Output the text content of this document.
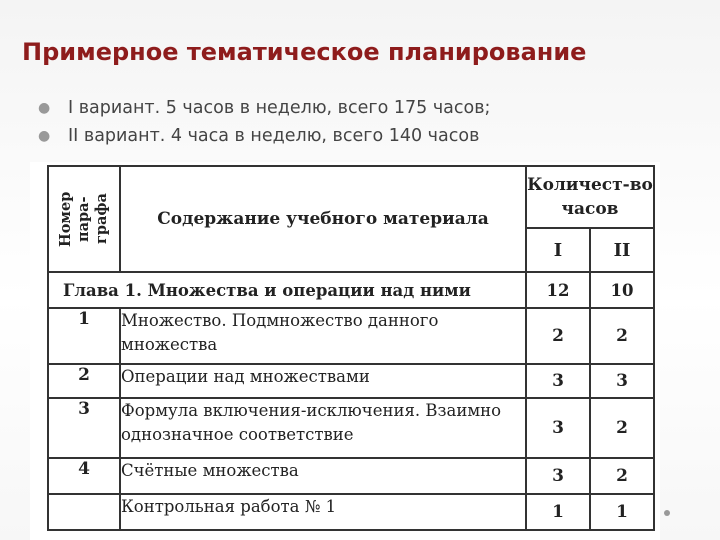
Примерное тематическое планирование
● I вариант. 5 часов в неделю, всего 175 часов;
● II вариант. 4 часа в неделю, всего 140 часов
Номер
пара-
графа	Содержание учебного материала	Количест-во часов	
		I	II
Глава 1. Множества и операции над ними		12	10
1	Множество. Подмножество данного множества	2	2
2	Операции над множествами	3	3
3	Формула включения-исключения. Взаимно однозначное соответствие	3	2
4	Счётные множества	3	2
	Контрольная работа № 1	1	1
